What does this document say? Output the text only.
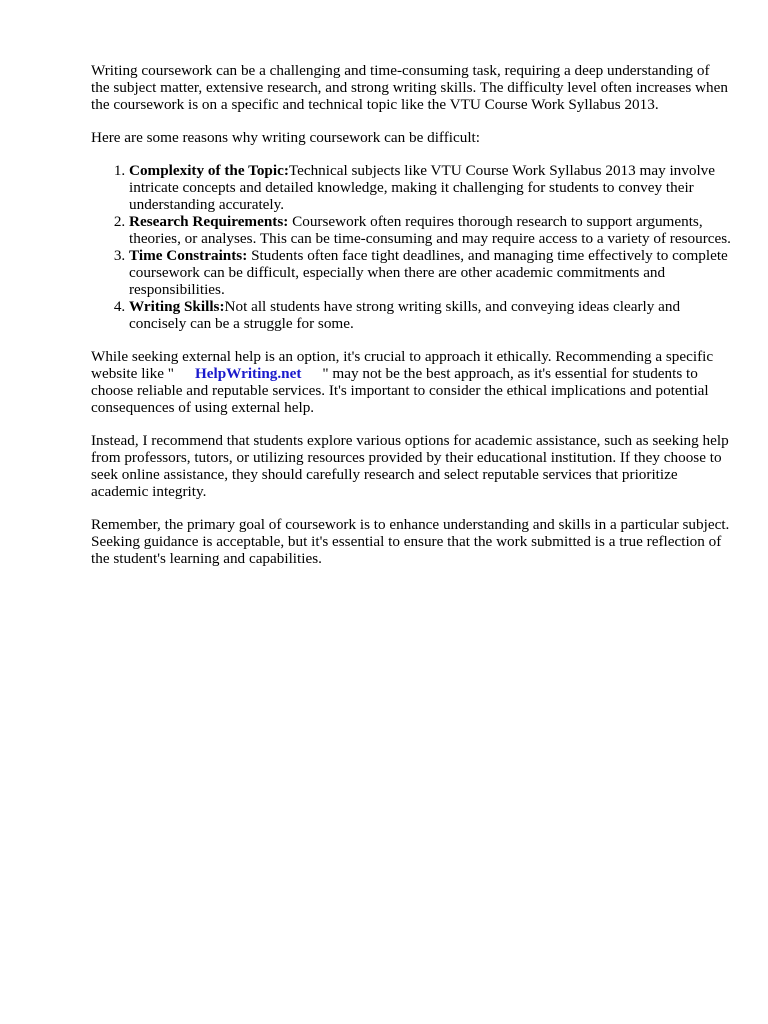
Writing coursework can be a challenging and time-consuming task, requiring a deep understanding of the subject matter, extensive research, and strong writing skills. The difficulty level often increases when the coursework is on a specific and technical topic like the VTU Course Work Syllabus 2013.

Here are some reasons why writing coursework can be difficult:

1. Complexity of the Topic:Technical subjects like VTU Course Work Syllabus 2013 may involve intricate concepts and detailed knowledge, making it challenging for students to convey their understanding accurately.
2. Research Requirements: Coursework often requires thorough research to support arguments, theories, or analyses. This can be time-consuming and may require access to a variety of resources.
3. Time Constraints: Students often face tight deadlines, and managing time effectively to complete coursework can be difficult, especially when there are other academic commitments and responsibilities.
4. Writing Skills:Not all students have strong writing skills, and conveying ideas clearly and concisely can be a struggle for some.

While seeking external help is an option, it's crucial to approach it ethically. Recommending a specific website like " HelpWriting.net " may not be the best approach, as it's essential for students to choose reliable and reputable services. It's important to consider the ethical implications and potential consequences of using external help.

Instead, I recommend that students explore various options for academic assistance, such as seeking help from professors, tutors, or utilizing resources provided by their educational institution. If they choose to seek online assistance, they should carefully research and select reputable services that prioritize academic integrity.

Remember, the primary goal of coursework is to enhance understanding and skills in a particular subject. Seeking guidance is acceptable, but it's essential to ensure that the work submitted is a true reflection of the student's learning and capabilities.
